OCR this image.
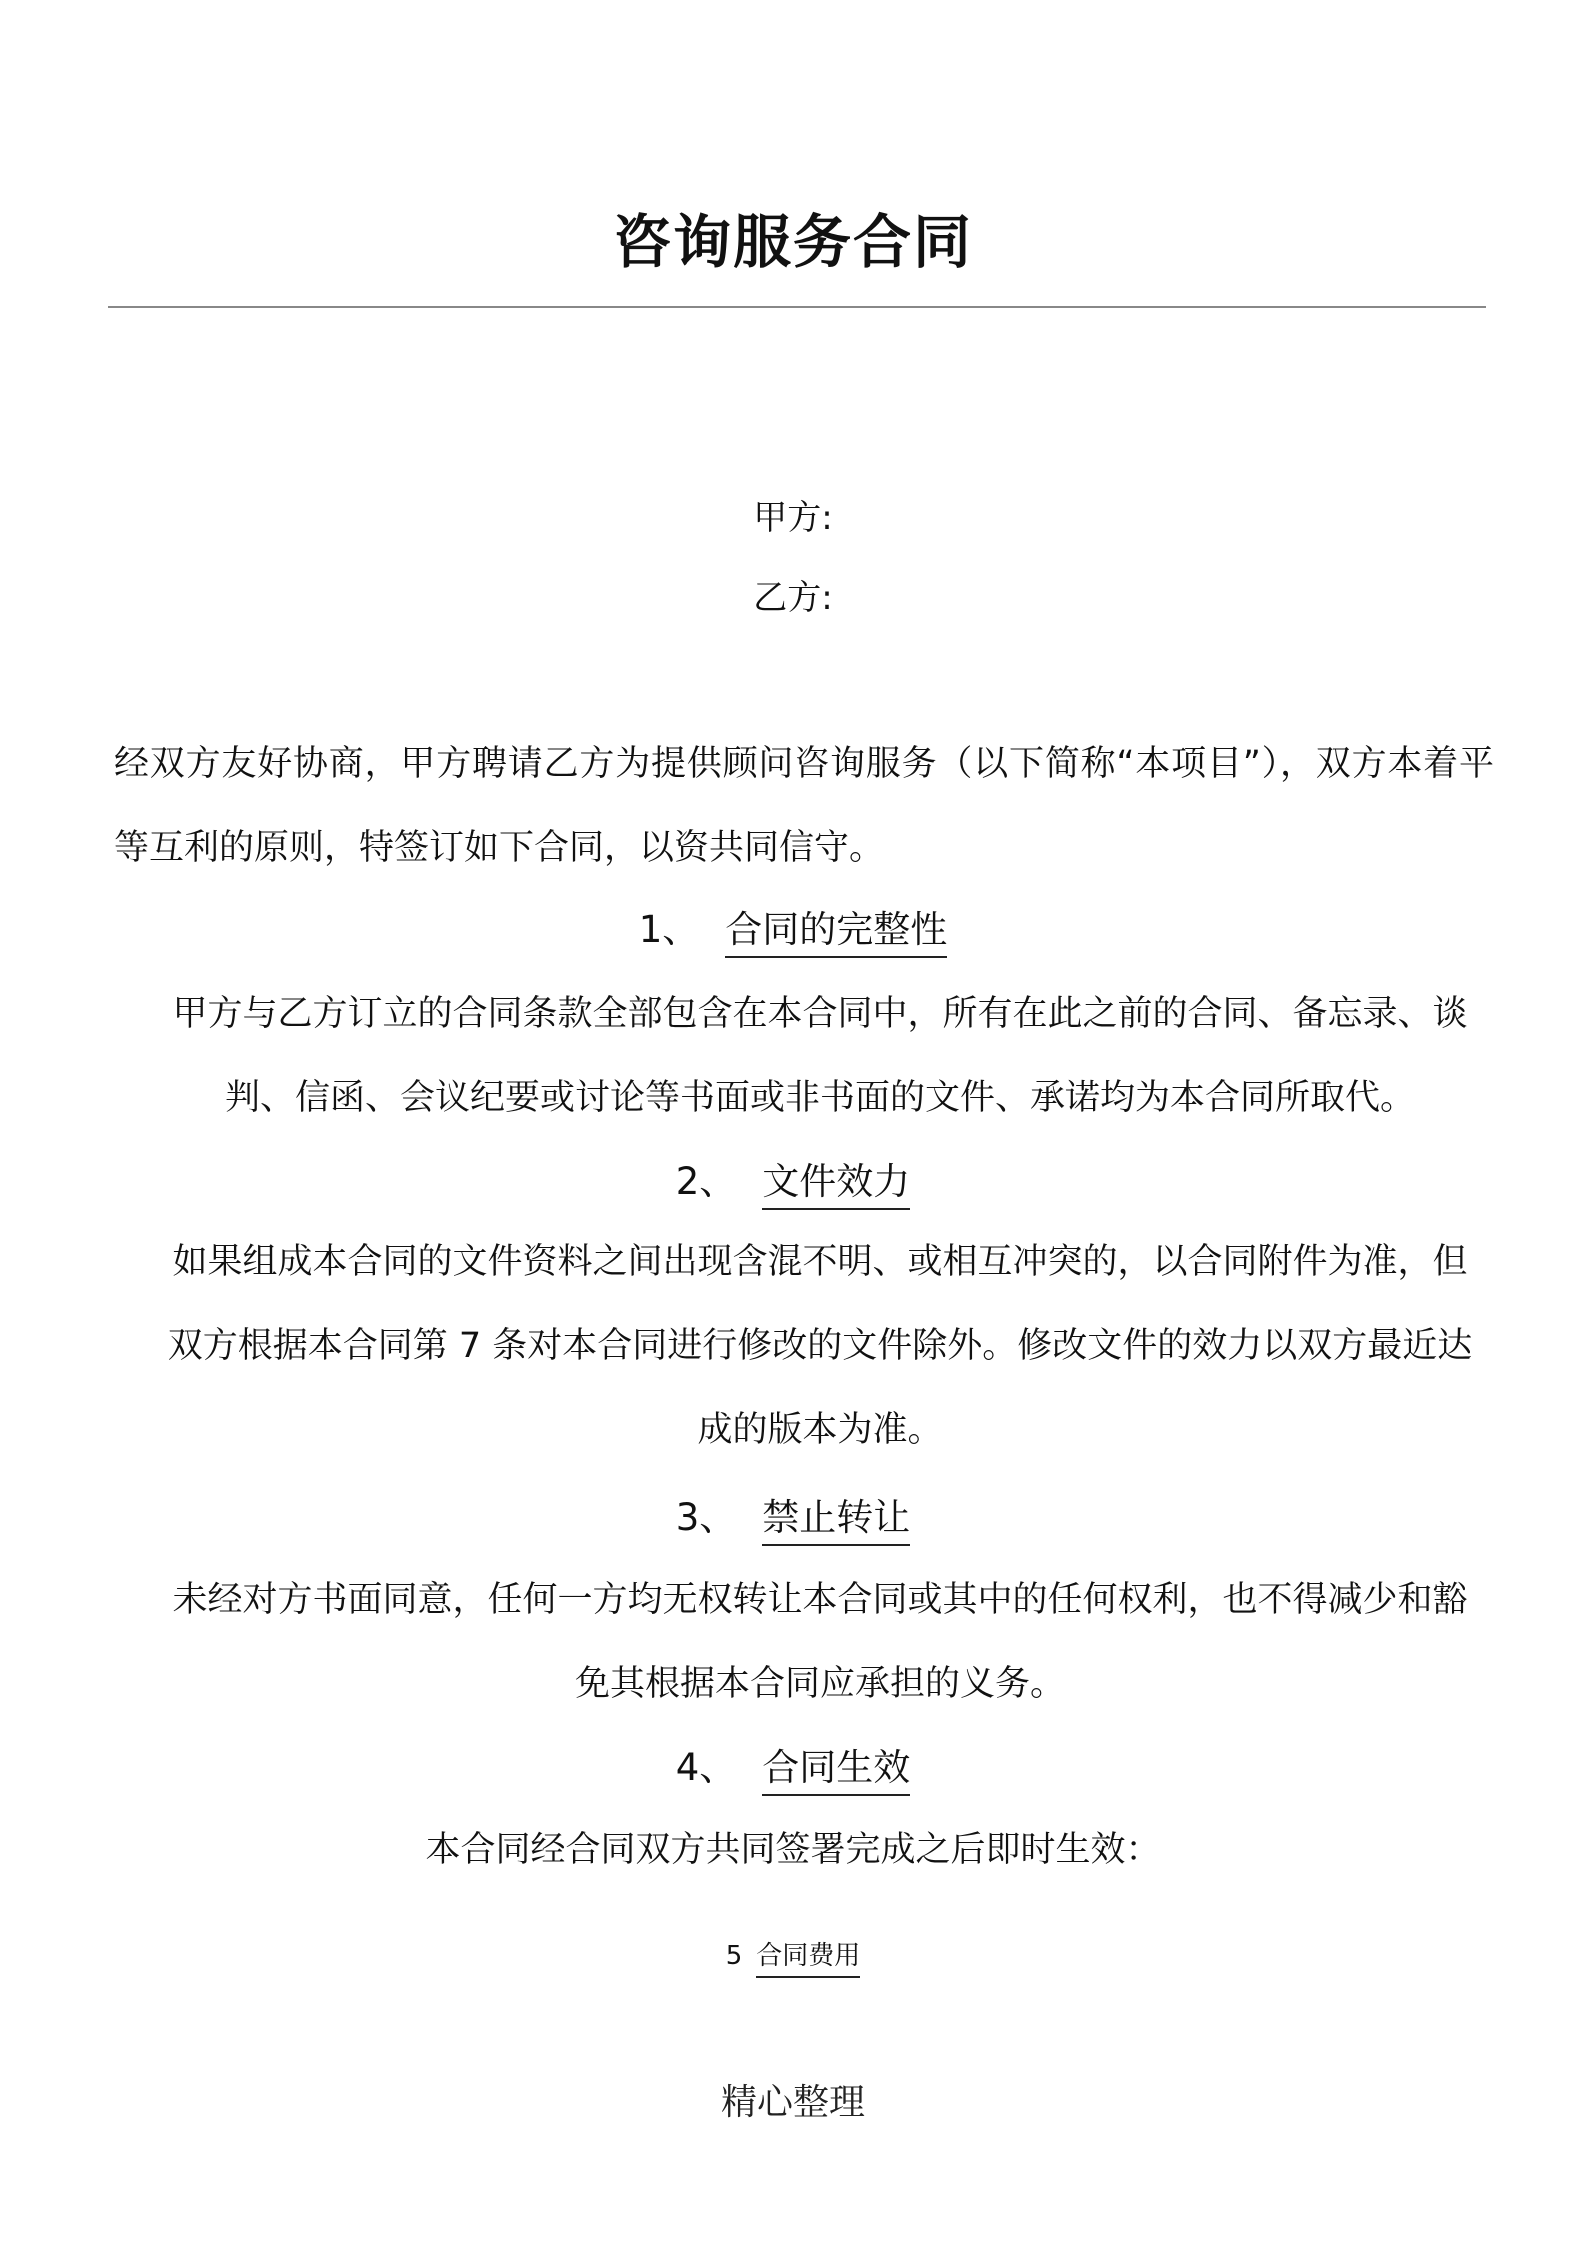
咨询服务合同
甲方:
乙方:
经双方友好协商，甲方聘请乙方为提供顾问咨询服务（以下简称“本项目”），双方本着平等互利的原则，特签订如下合同，以资共同信守。
1、 合同的完整性
甲方与乙方订立的合同条款全部包含在本合同中，所有在此之前的合同、备忘录、谈判、信函、会议纪要或讨论等书面或非书面的文件、承诺均为本合同所取代。
2、 文件效力
如果组成本合同的文件资料之间出现含混不明、或相互冲突的，以合同附件为准，但双方根据本合同第 7 条对本合同进行修改的文件除外。修改文件的效力以双方最近达成的版本为准。
3、 禁止转让
未经对方书面同意，任何一方均无权转让本合同或其中的任何权利，也不得减少和豁免其根据本合同应承担的义务。
4、 合同生效
本合同经合同双方共同签署完成之后即时生效：
5 合同费用
精心整理
